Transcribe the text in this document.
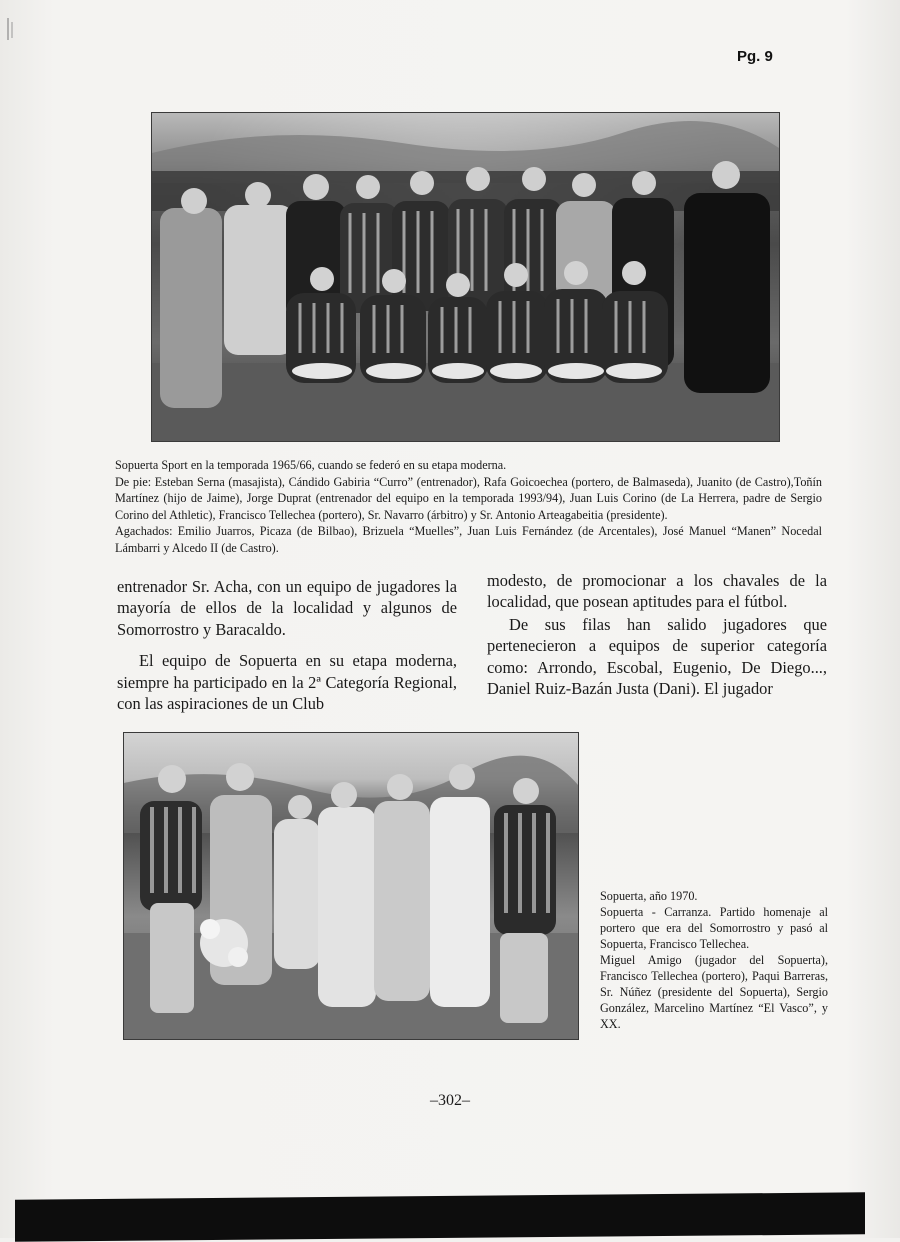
Pg. 9

Sopuerta Sport en la temporada 1965/66, cuando se federó en su etapa moderna.

De pie: Esteban Serna (masajista), Cándido Gabiria “Curro” (entrenador), Rafa Goicoechea (portero, de Balmaseda), Juanito (de Castro),Toñín Martínez (hijo de Jaime), Jorge Duprat (entrenador del equipo en la temporada 1993/94), Juan Luis Corino (de La Herrera, padre de Sergio Corino del Athletic), Francisco Tellechea (portero), Sr. Navarro (árbitro) y Sr. Antonio Arteagabeitia (presidente).

Agachados: Emilio Juarros, Picaza (de Bilbao), Brizuela “Muelles”, Juan Luis Fernández (de Arcentales), José Manuel “Manen” Nocedal Lámbarri y Alcedo II (de Castro).

entrenador Sr. Acha, con un equipo de jugadores la mayoría de ellos de la localidad y algunos de Somorrostro y Baracaldo.

El equipo de Sopuerta en su etapa moderna, siempre ha participado en la 2ª Categoría Regional, con las aspiraciones de un Club

modesto, de promocionar a los chavales de la localidad, que posean aptitudes para el fútbol.

De sus filas han salido jugadores que pertenecieron a equipos de superior categoría como: Arrondo, Escobal, Eugenio, De Diego..., Daniel Ruiz-Bazán Justa (Dani). El jugador

Sopuerta, año 1970.

Sopuerta - Carranza. Partido homenaje al portero que era del Somorrostro y pasó al Sopuerta, Francisco Tellechea.

Miguel Amigo (jugador del Sopuerta), Francisco Tellechea (portero), Paqui Barreras, Sr. Núñez (presidente del Sopuerta), Sergio González, Marcelino Martínez “El Vasco”, y XX.

–302–
